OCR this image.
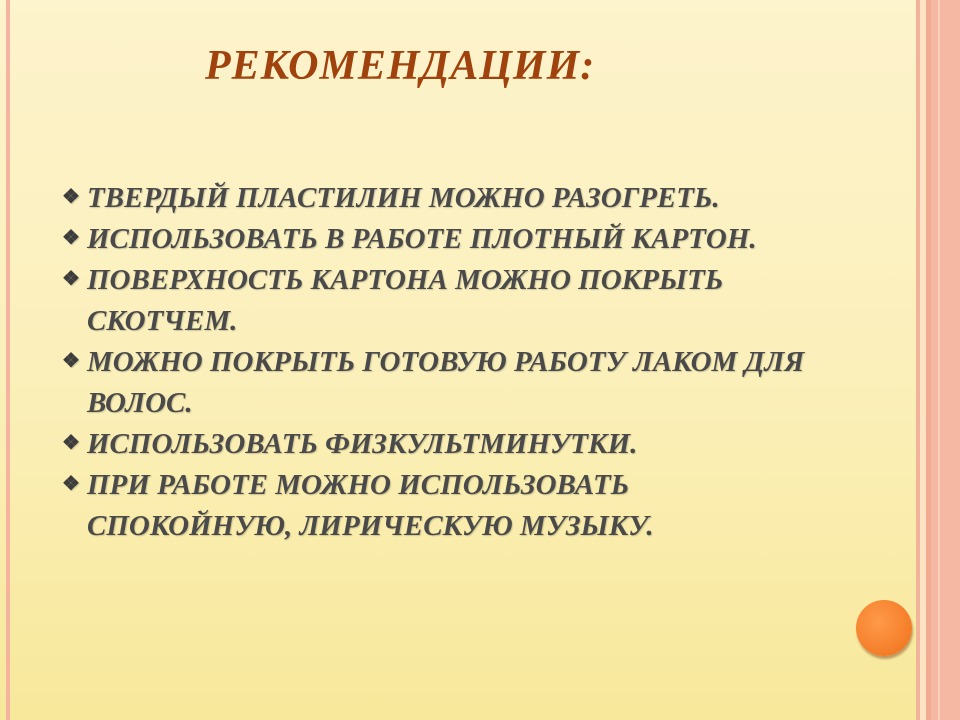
РЕКОМЕНДАЦИИ:
❖ ТВЕРДЫЙ ПЛАСТИЛИН МОЖНО РАЗОГРЕТЬ.
❖ ИСПОЛЬЗОВАТЬ В РАБОТЕ ПЛОТНЫЙ КАРТОН.
❖ ПОВЕРХНОСТЬ КАРТОНА МОЖНО ПОКРЫТЬ СКОТЧЕМ.
❖ МОЖНО ПОКРЫТЬ ГОТОВУЮ РАБОТУ ЛАКОМ ДЛЯ ВОЛОС.
❖ ИСПОЛЬЗОВАТЬ ФИЗКУЛЬТМИНУТКИ.
❖ ПРИ РАБОТЕ МОЖНО ИСПОЛЬЗОВАТЬ СПОКОЙНУЮ, ЛИРИЧЕСКУЮ МУЗЫКУ.
